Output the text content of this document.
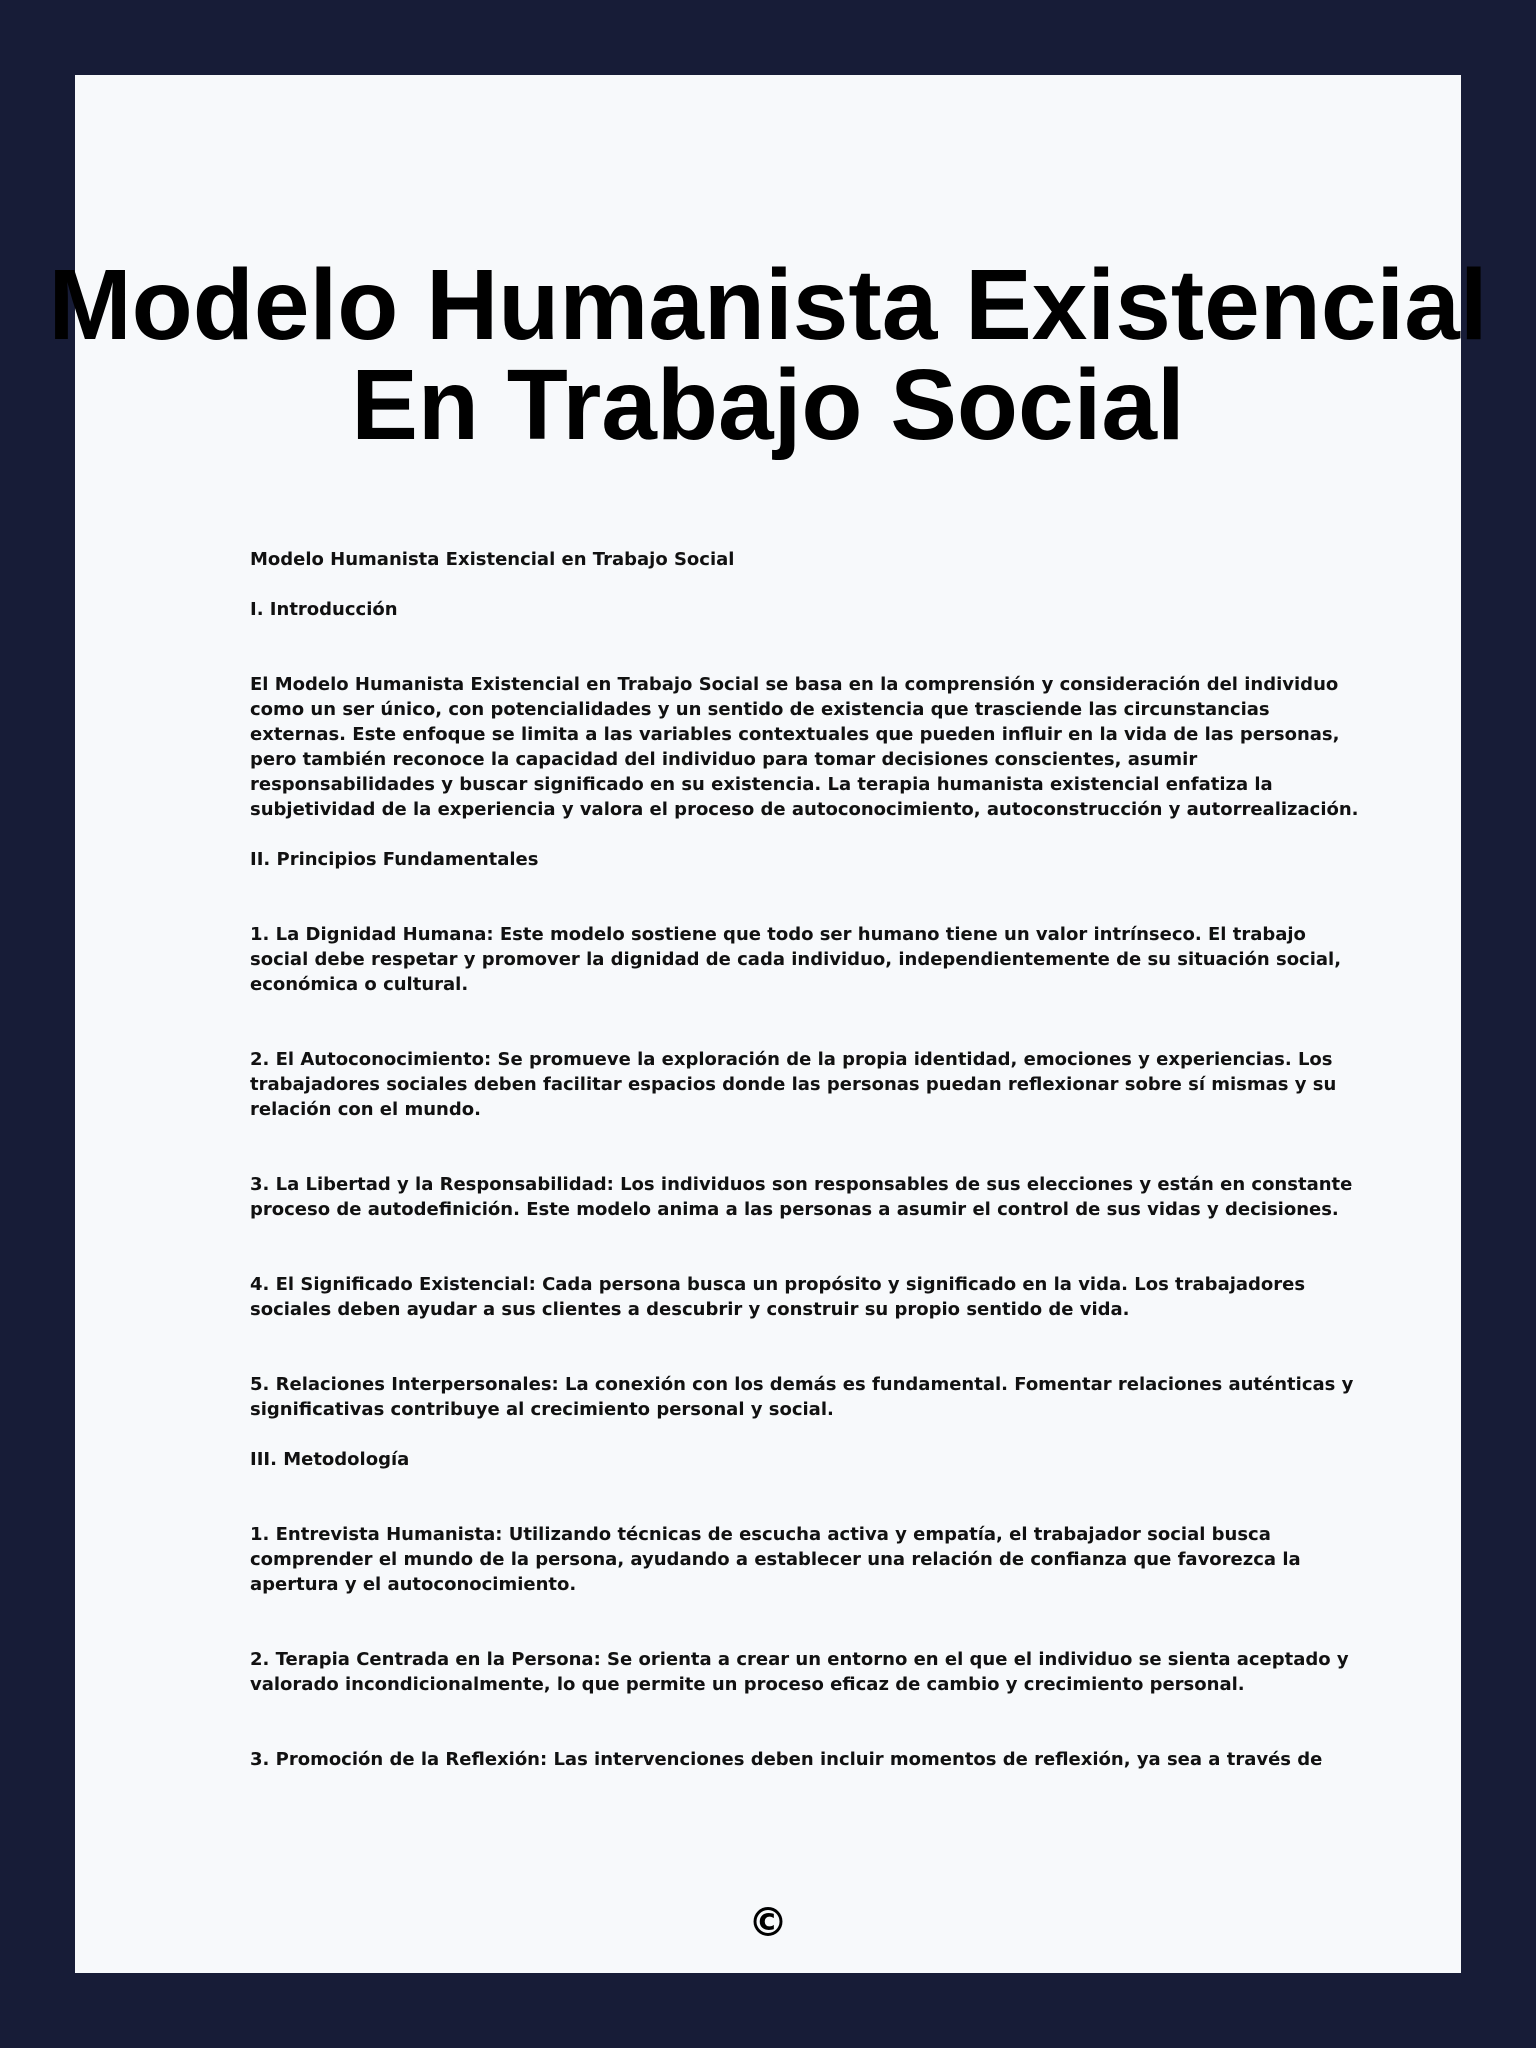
Modelo Humanista Existencial En Trabajo Social

Modelo Humanista Existencial en Trabajo Social

I. Introducción

El Modelo Humanista Existencial en Trabajo Social se basa en la comprensión y consideración del individuo como un ser único, con potencialidades y un sentido de existencia que trasciende las circunstancias externas. Este enfoque se limita a las variables contextuales que pueden influir en la vida de las personas, pero también reconoce la capacidad del individuo para tomar decisiones conscientes, asumir responsabilidades y buscar significado en su existencia. La terapia humanista existencial enfatiza la subjetividad de la experiencia y valora el proceso de autoconocimiento, autoconstrucción y autorrealización.

II. Principios Fundamentales

1. La Dignidad Humana: Este modelo sostiene que todo ser humano tiene un valor intrínseco. El trabajo social debe respetar y promover la dignidad de cada individuo, independientemente de su situación social, económica o cultural.

2. El Autoconocimiento: Se promueve la exploración de la propia identidad, emociones y experiencias. Los trabajadores sociales deben facilitar espacios donde las personas puedan reflexionar sobre sí mismas y su relación con el mundo.

3. La Libertad y la Responsabilidad: Los individuos son responsables de sus elecciones y están en constante proceso de autodefinición. Este modelo anima a las personas a asumir el control de sus vidas y decisiones.

4. El Significado Existencial: Cada persona busca un propósito y significado en la vida. Los trabajadores sociales deben ayudar a sus clientes a descubrir y construir su propio sentido de vida.

5. Relaciones Interpersonales: La conexión con los demás es fundamental. Fomentar relaciones auténticas y significativas contribuye al crecimiento personal y social.

III. Metodología

1. Entrevista Humanista: Utilizando técnicas de escucha activa y empatía, el trabajador social busca comprender el mundo de la persona, ayudando a establecer una relación de confianza que favorezca la apertura y el autoconocimiento.

2. Terapia Centrada en la Persona: Se orienta a crear un entorno en el que el individuo se sienta aceptado y valorado incondicionalmente, lo que permite un proceso eficaz de cambio y crecimiento personal.

3. Promoción de la Reflexión: Las intervenciones deben incluir momentos de reflexión, ya sea a través de

©
